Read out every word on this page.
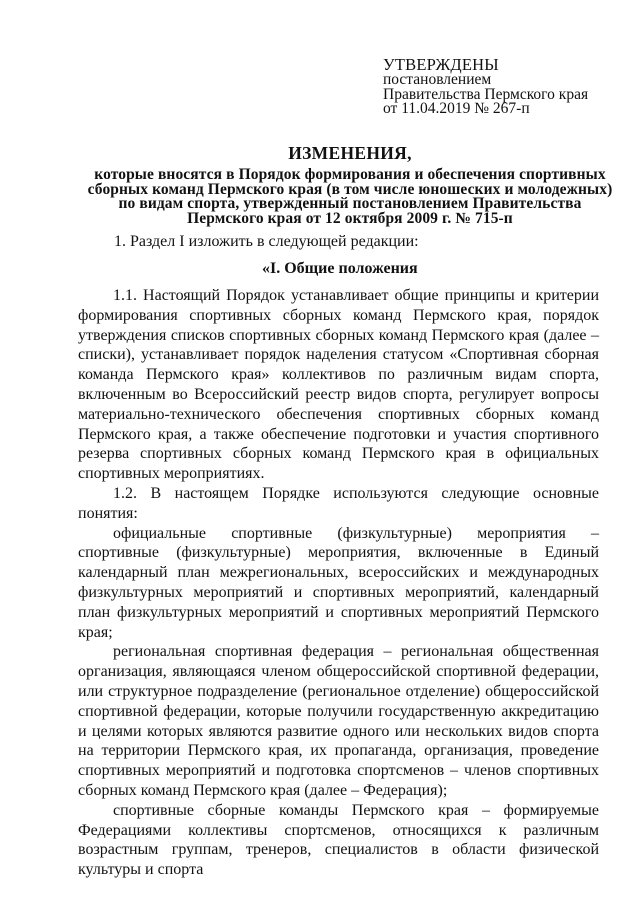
УТВЕРЖДЕНЫ
постановлением
Правительства Пермского края
от 11.04.2019 № 267-п
ИЗМЕНЕНИЯ,
которые вносятся в Порядок формирования и обеспечения спортивных сборных команд Пермского края (в том числе юношеских и молодежных) по видам спорта, утвержденный постановлением Правительства Пермского края от 12 октября 2009 г. № 715-п
1. Раздел I изложить в следующей редакции:
«I. Общие положения

1.1. Настоящий Порядок устанавливает общие принципы и критерии формирования спортивных сборных команд Пермского края, порядок утверждения списков спортивных сборных команд Пермского края (далее – списки), устанавливает порядок наделения статусом «Спортивная сборная команда Пермского края» коллективов по различным видам спорта, включенным во Всероссийский реестр видов спорта, регулирует вопросы материально-технического обеспечения спортивных сборных команд Пермского края, а также обеспечение подготовки и участия спортивного резерва спортивных сборных команд Пермского края в официальных спортивных мероприятиях.

1.2. В настоящем Порядке используются следующие основные понятия:

официальные спортивные (физкультурные) мероприятия – спортивные (физкультурные) мероприятия, включенные в Единый календарный план межрегиональных, всероссийских и международных физкультурных мероприятий и спортивных мероприятий, календарный план физкультурных мероприятий и спортивных мероприятий Пермского края;

региональная спортивная федерация – региональная общественная организация, являющаяся членом общероссийской спортивной федерации, или структурное подразделение (региональное отделение) общероссийской спортивной федерации, которые получили государственную аккредитацию и целями которых являются развитие одного или нескольких видов спорта на территории Пермского края, их пропаганда, организация, проведение спортивных мероприятий и подготовка спортсменов – членов спортивных сборных команд Пермского края (далее – Федерация);

спортивные сборные команды Пермского края – формируемые Федерациями коллективы спортсменов, относящихся к различным возрастным группам, тренеров, специалистов в области физической культуры и спорта
